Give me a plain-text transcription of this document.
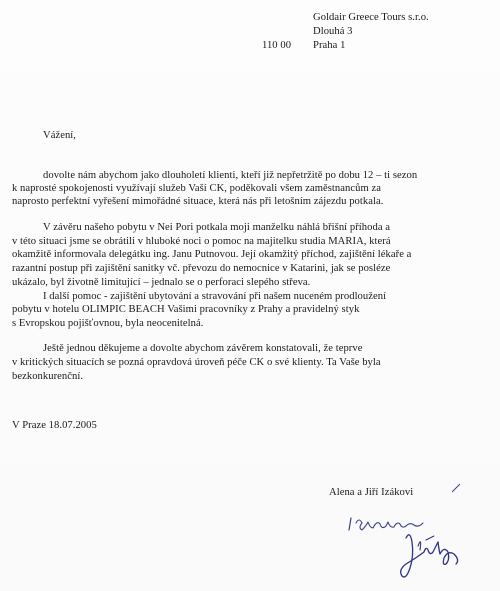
Goldair Greece Tours s.r.o.
Dlouhá 3
110 00 Praha 1
Vážení,
dovolte nám abychom jako dlouholetí klienti, kteří již nepřetržitě po dobu 12 – ti sezon
k naprosté spokojenosti využívají služeb Vaší CK, poděkovali všem zaměstnancům za
naprosto perfektní vyřešení mimořádné situace, která nás při letošním zájezdu potkala.
V závěru našeho pobytu v Nei Pori potkala moji manželku náhlá břišní příhoda a
v této situaci jsme se obrátili v hluboké noci o pomoc na majitelku studia MARIA, která
okamžitě informovala delegátku ing. Janu Putnovou. Její okamžitý příchod, zajištění lékaře a
razantní postup při zajištění sanitky vč. převozu do nemocnice v Katarini, jak se posléze
ukázalo, byl životně limitující – jednalo se o perforaci slepého střeva.
I další pomoc - zajištění ubytování a stravování při našem nuceném prodloužení
pobytu v hotelu OLIMPIC BEACH Vašimi pracovníky z Prahy a pravidelný styk
s Evropskou pojišťovnou, byla neocenitelná.
Ještě jednou děkujeme a dovolte abychom závěrem konstatovali, že teprve
v kritických situacích se pozná opravdová úroveň péče CK o své klienty. Ta Vaše byla
bezkonkurenční.
V Praze 18.07.2005
Alena a Jiří Izákovi
